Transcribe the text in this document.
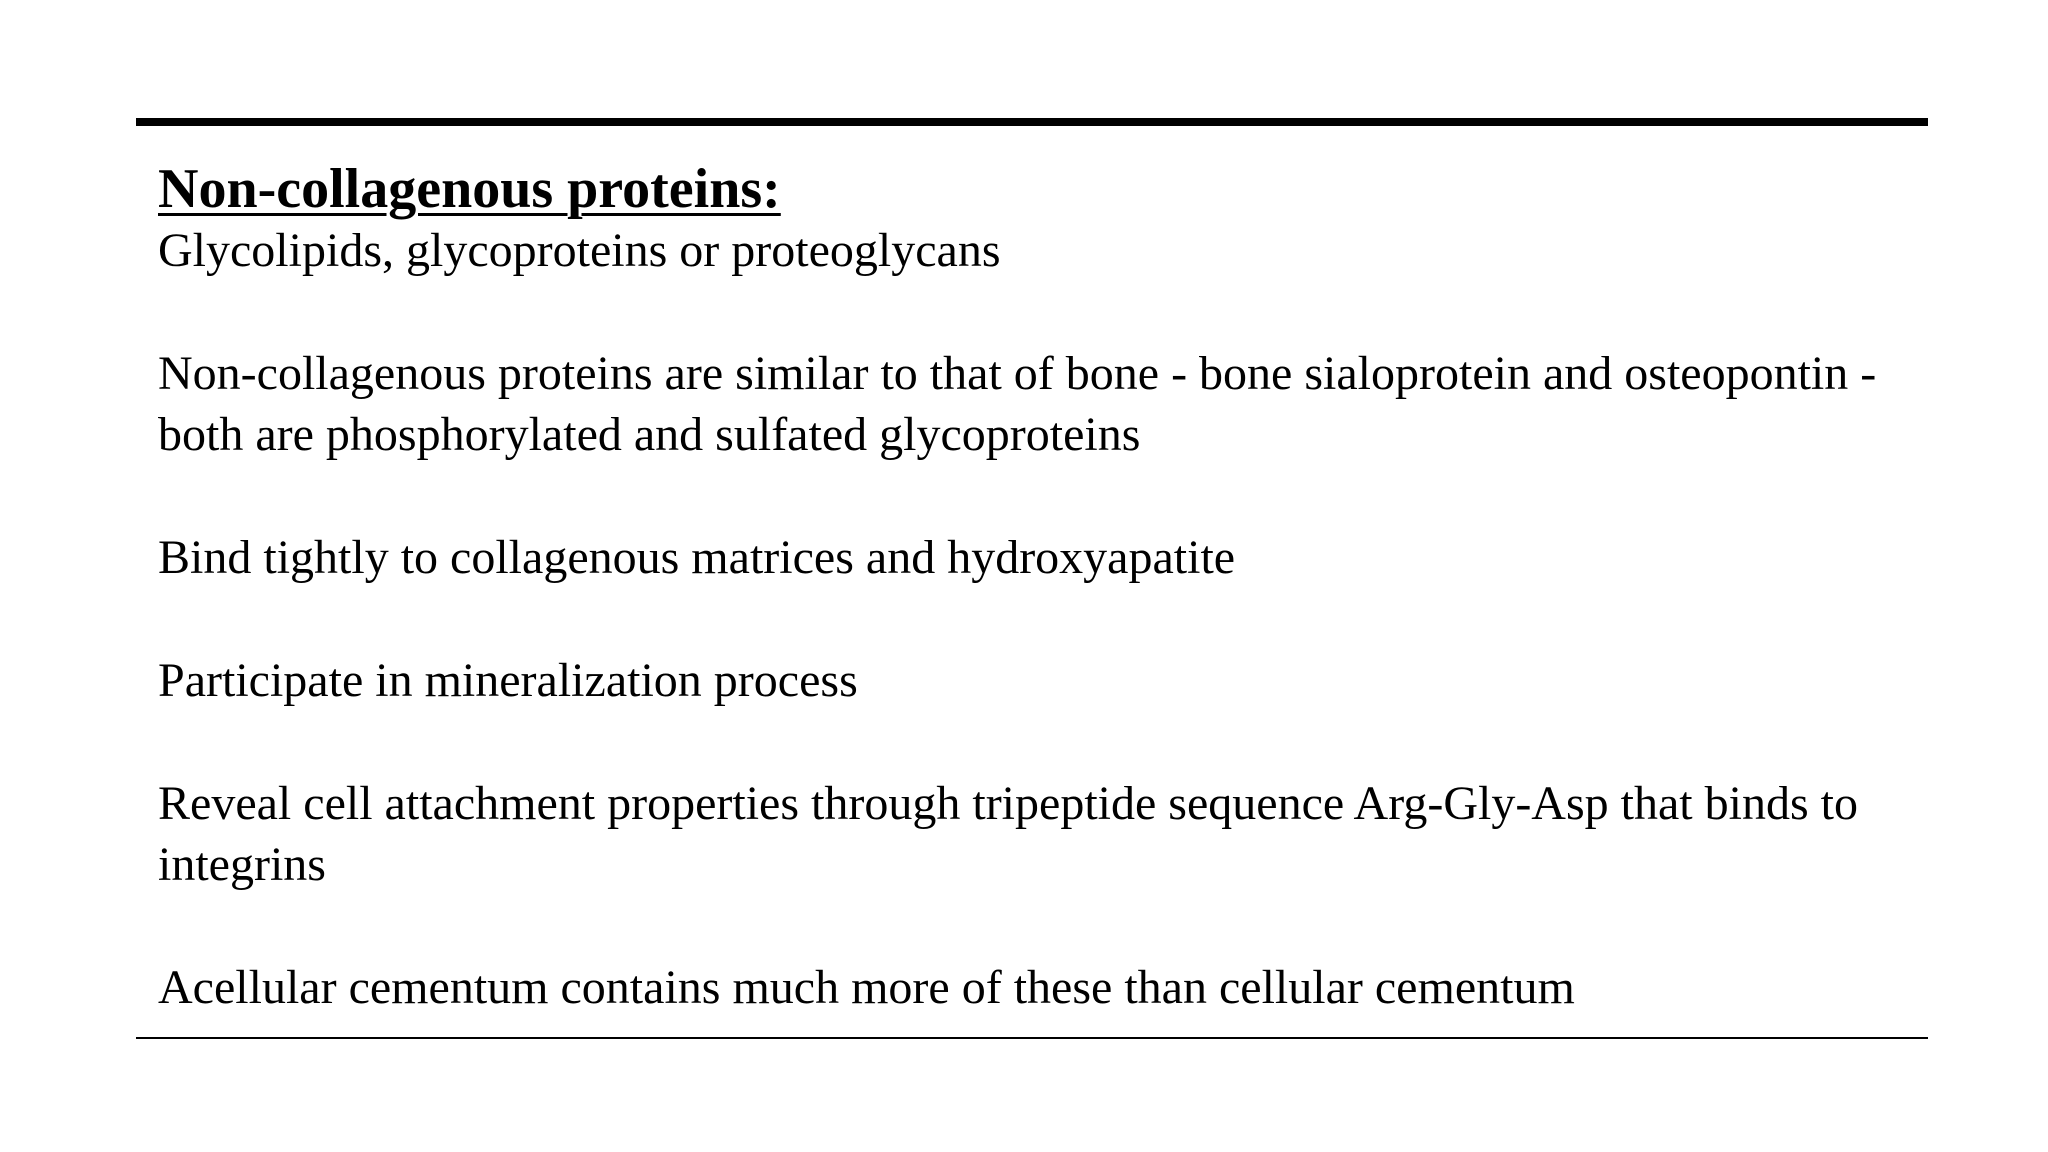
Non-collagenous proteins:

Glycolipids, glycoproteins or proteoglycans

Non-collagenous proteins are similar to that of bone - bone sialoprotein and osteopontin - both are phosphorylated and sulfated glycoproteins

Bind tightly to collagenous matrices and hydroxyapatite

Participate in mineralization process

Reveal cell attachment properties through tripeptide sequence Arg-Gly-Asp that binds to integrins

Acellular cementum contains much more of these than cellular cementum
